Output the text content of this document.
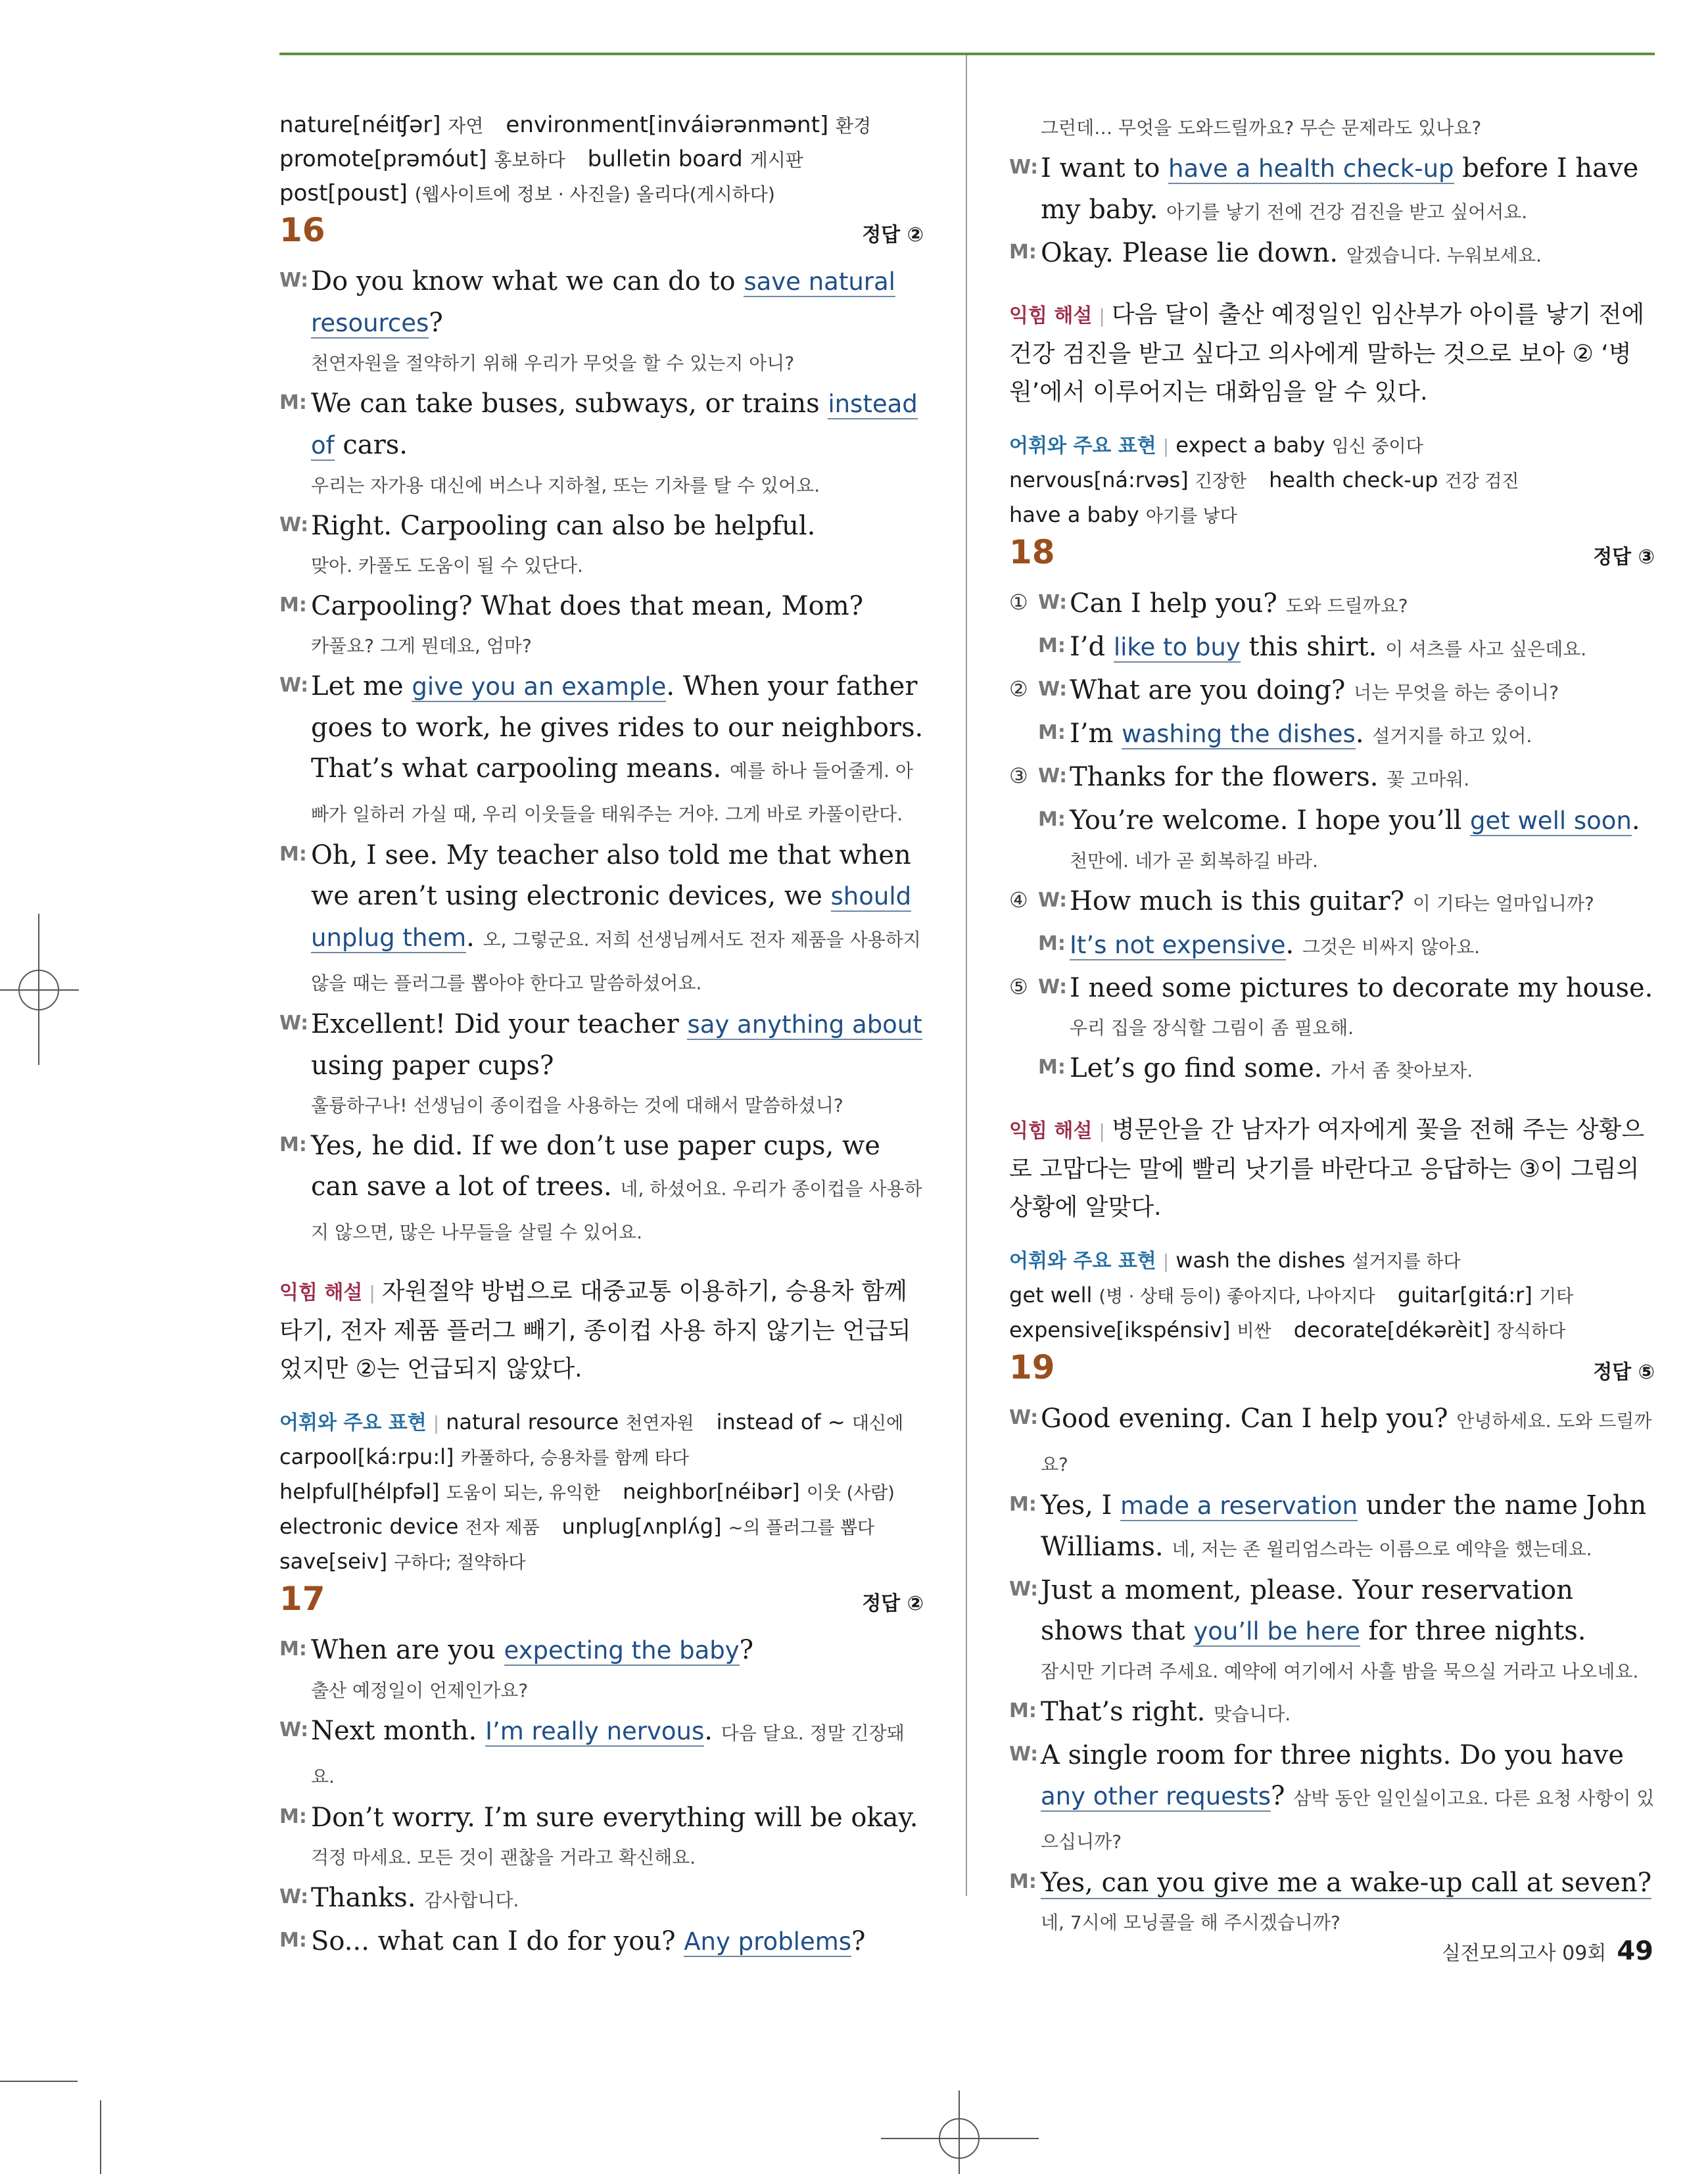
nature[néiʧər] 자연 environment[inváiərənmənt] 환경
promote[prəmóut] 홍보하다 bulletin board 게시판
post[poust] (웹사이트에 정보 · 사진을) 올리다(게시하다)
16	정답 ②
W: Do you know what we can do to save natural resources?
천연자원을 절약하기 위해 우리가 무엇을 할 수 있는지 아니?
M: We can take buses, subways, or trains instead of cars.
우리는 자가용 대신에 버스나 지하철, 또는 기차를 탈 수 있어요.
W: Right. Carpooling can also be helpful.
맞아. 카풀도 도움이 될 수 있단다.
M: Carpooling? What does that mean, Mom?
카풀요? 그게 뭔데요, 엄마?
W: Let me give you an example. When your father goes to work, he gives rides to our neighbors. That’s what carpooling means. 예를 하나 들어줄게. 아빠가 일하러 가실 때, 우리 이웃들을 태워주는 거야. 그게 바로 카풀이란다.
M: Oh, I see. My teacher also told me that when we aren’t using electronic devices, we should unplug them. 오, 그렇군요. 저희 선생님께서도 전자 제품을 사용하지 않을 때는 플러그를 뽑아야 한다고 말씀하셨어요.
W: Excellent! Did your teacher say anything about using paper cups?
훌륭하구나! 선생님이 종이컵을 사용하는 것에 대해서 말씀하셨니?
M: Yes, he did. If we don’t use paper cups, we can save a lot of trees. 네, 하셨어요. 우리가 종이컵을 사용하지 않으면, 많은 나무들을 살릴 수 있어요.
익힘 해설 | 자원절약 방법으로 대중교통 이용하기, 승용차 함께 타기, 전자 제품 플러그 빼기, 종이컵 사용 하지 않기는 언급되었지만 ②는 언급되지 않았다.
어휘와 주요 표현 | natural resource 천연자원 instead of ~ 대신에
carpool[ká:rpu:l] 카풀하다, 승용차를 함께 타다
helpful[hélpfəl] 도움이 되는, 유익한 neighbor[néibər] 이웃 (사람)
electronic device 전자 제품 unplug[ʌnplʌ́g] ~의 플러그를 뽑다
save[seiv] 구하다; 절약하다
17	정답 ②
M: When are you expecting the baby?
출산 예정일이 언제인가요?
W: Next month. I’m really nervous. 다음 달요. 정말 긴장돼요.
M: Don’t worry. I’m sure everything will be okay.
걱정 마세요. 모든 것이 괜찮을 거라고 확신해요.
W: Thanks. 감사합니다.
M: So... what can I do for you? Any problems?
그런데… 무엇을 도와드릴까요? 무슨 문제라도 있나요?
W: I want to have a health check-up before I have my baby. 아기를 낳기 전에 건강 검진을 받고 싶어서요.
M: Okay. Please lie down. 알겠습니다. 누워보세요.
익힘 해설 | 다음 달이 출산 예정일인 임산부가 아이를 낳기 전에 건강 검진을 받고 싶다고 의사에게 말하는 것으로 보아 ② ‘병원’에서 이루어지는 대화임을 알 수 있다.
어휘와 주요 표현 | expect a baby 임신 중이다
nervous[ná:rvəs] 긴장한 health check-up 건강 검진
have a baby 아기를 낳다
18	정답 ③
① W: Can I help you? 도와 드릴까요?
M: I’d like to buy this shirt. 이 셔츠를 사고 싶은데요.
② W: What are you doing? 너는 무엇을 하는 중이니?
M: I’m washing the dishes. 설거지를 하고 있어.
③ W: Thanks for the flowers. 꽃 고마워.
M: You’re welcome. I hope you’ll get well soon.
천만에. 네가 곧 회복하길 바라.
④ W: How much is this guitar? 이 기타는 얼마입니까?
M: It’s not expensive. 그것은 비싸지 않아요.
⑤ W: I need some pictures to decorate my house.
우리 집을 장식할 그림이 좀 필요해.
M: Let’s go find some. 가서 좀 찾아보자.
익힘 해설 | 병문안을 간 남자가 여자에게 꽃을 전해 주는 상황으로 고맙다는 말에 빨리 낫기를 바란다고 응답하는 ③이 그림의 상황에 알맞다.
어휘와 주요 표현 | wash the dishes 설거지를 하다
get well (병 · 상태 등이) 좋아지다, 나아지다 guitar[gitá:r] 기타
expensive[ikspénsiv] 비싼 decorate[dékərèit] 장식하다
19	정답 ⑤
W: Good evening. Can I help you? 안녕하세요. 도와 드릴까요?
M: Yes, I made a reservation under the name John Williams. 네, 저는 존 윌리엄스라는 이름으로 예약을 했는데요.
W: Just a moment, please. Your reservation shows that you’ll be here for three nights.
잠시만 기다려 주세요. 예약에 여기에서 사흘 밤을 묵으실 거라고 나오네요.
M: That’s right. 맞습니다.
W: A single room for three nights. Do you have any other requests? 삼박 동안 일인실이고요. 다른 요청 사항이 있으십니까?
M: Yes, can you give me a wake-up call at seven?
네, 7시에 모닝콜을 해 주시겠습니까?
실전모의고사 09회 49
